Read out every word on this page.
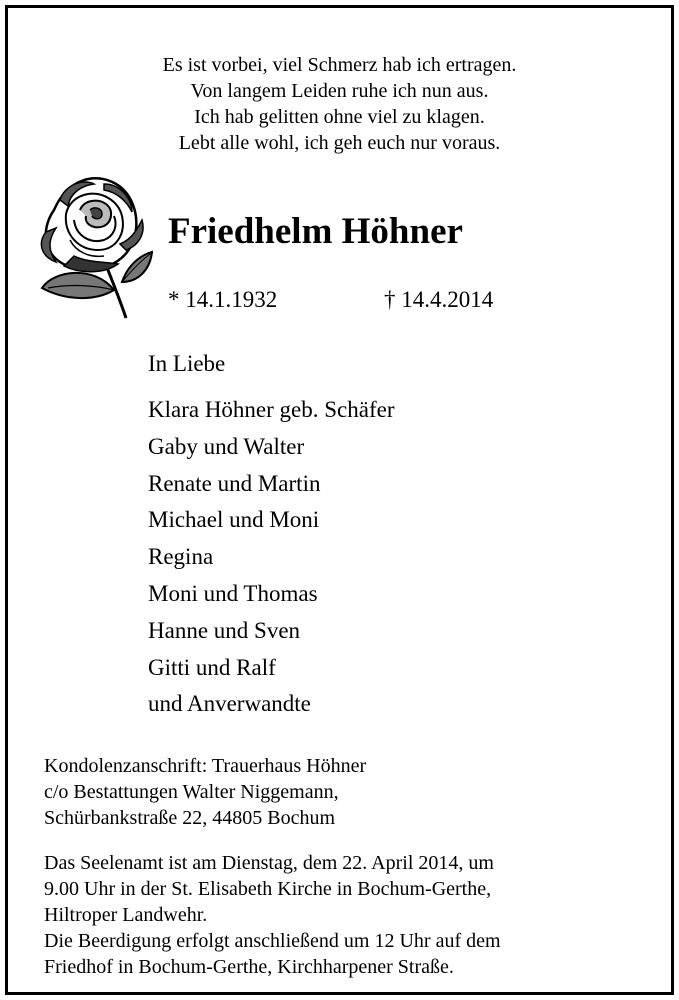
Es ist vorbei, viel Schmerz hab ich ertragen.
Von langem Leiden ruhe ich nun aus.
Ich hab gelitten ohne viel zu klagen.
Lebt alle wohl, ich geh euch nur voraus.
Friedhelm Höhner
* 14.1.1932	† 14.4.2014
In Liebe
Klara Höhner geb. Schäfer
Gaby und Walter
Renate und Martin
Michael und Moni
Regina
Moni und Thomas
Hanne und Sven
Gitti und Ralf
und Anverwandte
Kondolenzanschrift: Trauerhaus Höhner
c/o Bestattungen Walter Niggemann,
Schürbankstraße 22, 44805 Bochum
Das Seelenamt ist am Dienstag, dem 22. April 2014, um
9.00 Uhr in der St. Elisabeth Kirche in Bochum-Gerthe,
Hiltroper Landwehr.
Die Beerdigung erfolgt anschließend um 12 Uhr auf dem
Friedhof in Bochum-Gerthe, Kirchharpener Straße.
